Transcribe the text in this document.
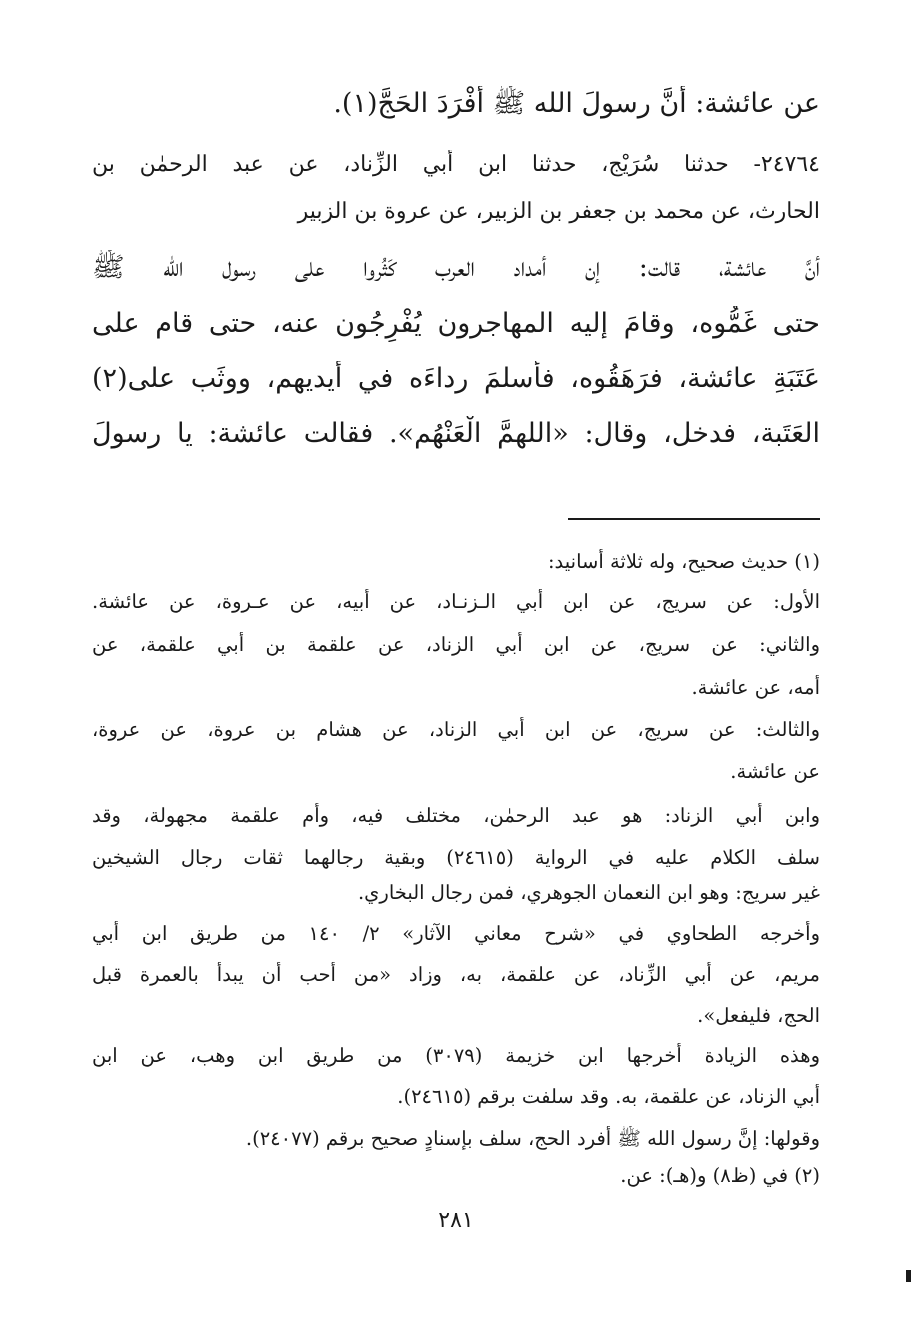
عن عائشة: أَنَّ رسولَ الله ﷺ أَفْرَدَ الحَجَّ(١).
٢٤٧٦٤- حدثنا سُرَيْج، حدثنا ابن أبي الزِّناد، عن عبد الرحمٰن بن
الحارث، عن محمد بن جعفر بن الزبير، عن عروة بن الزبير
أنَّ عائشة، قالت: إن أمداد العرب كَثُروا على رسول الله ﷺ
حتى غَمُّوه، وقامَ إليه المهاجرون يُفْرِجُون عنه، حتى قام على
عَتَبَةِ عائشة، فرَهَقُوه، فأسلمَ رداءَه في أيديهم، ووثَب على(٢)
العَتَبة، فدخل، وقال: «اللهمَّ الْعَنْهُم». فقالت عائشة: يا رسولَ
(١) حديث صحيح، وله ثلاثة أسانيد:
الأول: عن سريج، عن ابن أبي الـزنـاد، عن أبيه، عن عـروة، عن عائشة.
والثاني: عن سريج، عن ابن أبي الزناد، عن علقمة بن أبي علقمة، عن
أمه، عن عائشة.
والثالث: عن سريج، عن ابن أبي الزناد، عن هشام بن عروة، عن عروة،
عن عائشة.
وابن أبي الزناد: هو عبد الرحمٰن، مختلف فيه، وأم علقمة مجهولة، وقد
سلف الكلام عليه في الرواية (٢٤٦١٥) وبقية رجالهما ثقات رجال الشيخين
غير سريج: وهو ابن النعمان الجوهري، فمن رجال البخاري.
وأخرجه الطحاوي في «شرح معاني الآثار» ٢/ ١٤٠ من طريق ابن أبي
مريم، عن أبي الزِّناد، عن علقمة، به، وزاد «من أحب أن يبدأ بالعمرة قبل
الحج، فليفعل».
وهذه الزيادة أخرجها ابن خزيمة (٣٠٧٩) من طريق ابن وهب، عن ابن
أبي الزناد، عن علقمة، به. وقد سلفت برقم (٢٤٦١٥).
وقولها: إنَّ رسول الله ﷺ أفرد الحج، سلف بإسنادٍ صحيح برقم (٢٤٠٧٧).
(٢) في (ظ٨) و(هـ): عن.
٢٨١
